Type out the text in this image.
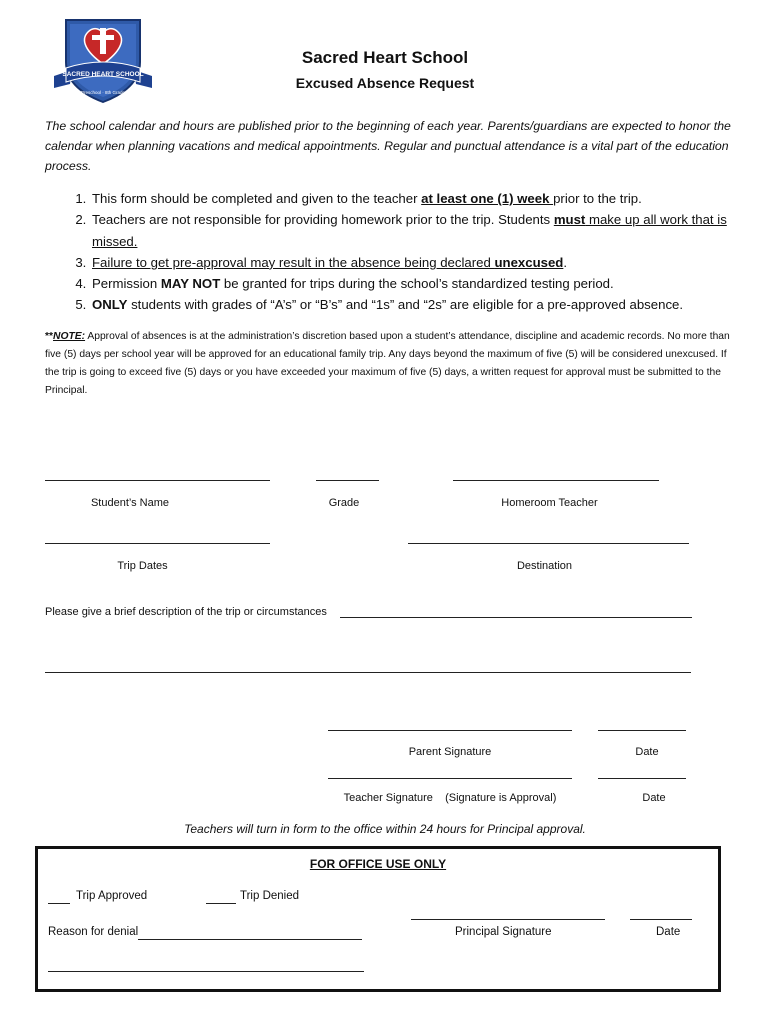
SACRED HEART SCHOOL
Preschool · 8th Grade
Sacred Heart School
Excused Absence Request
The school calendar and hours are published prior to the beginning of each year. Parents/guardians are expected to honor the calendar when planning vacations and medical appointments. Regular and punctual attendance is a vital part of the education process.
1. This form should be completed and given to the teacher at least one (1) week prior to the trip.
2. Teachers are not responsible for providing homework prior to the trip. Students must make up all work that is missed.
3. Failure to get pre-approval may result in the absence being declared unexcused.
4. Permission MAY NOT be granted for trips during the school’s standardized testing period.
5. ONLY students with grades of “A’s” or “B’s” and “1s” and “2s” are eligible for a pre-approved absence.
**NOTE: Approval of absences is at the administration’s discretion based upon a student’s attendance, discipline and academic records. No more than five (5) days per school year will be approved for an educational family trip. Any days beyond the maximum of five (5) will be considered unexcused. If the trip is going to exceed five (5) days or you have exceeded your maximum of five (5) days, a written request for approval must be submitted to the Principal.
Student’s Name	Grade	Homeroom Teacher
Trip Dates	Destination
Please give a brief description of the trip or circumstances
Parent Signature	Date
Teacher Signature    (Signature is Approval)	Date
Teachers will turn in form to the office within 24 hours for Principal approval.
FOR OFFICE USE ONLY
Trip Approved	Trip Denied
Reason for denial	Principal Signature	Date
